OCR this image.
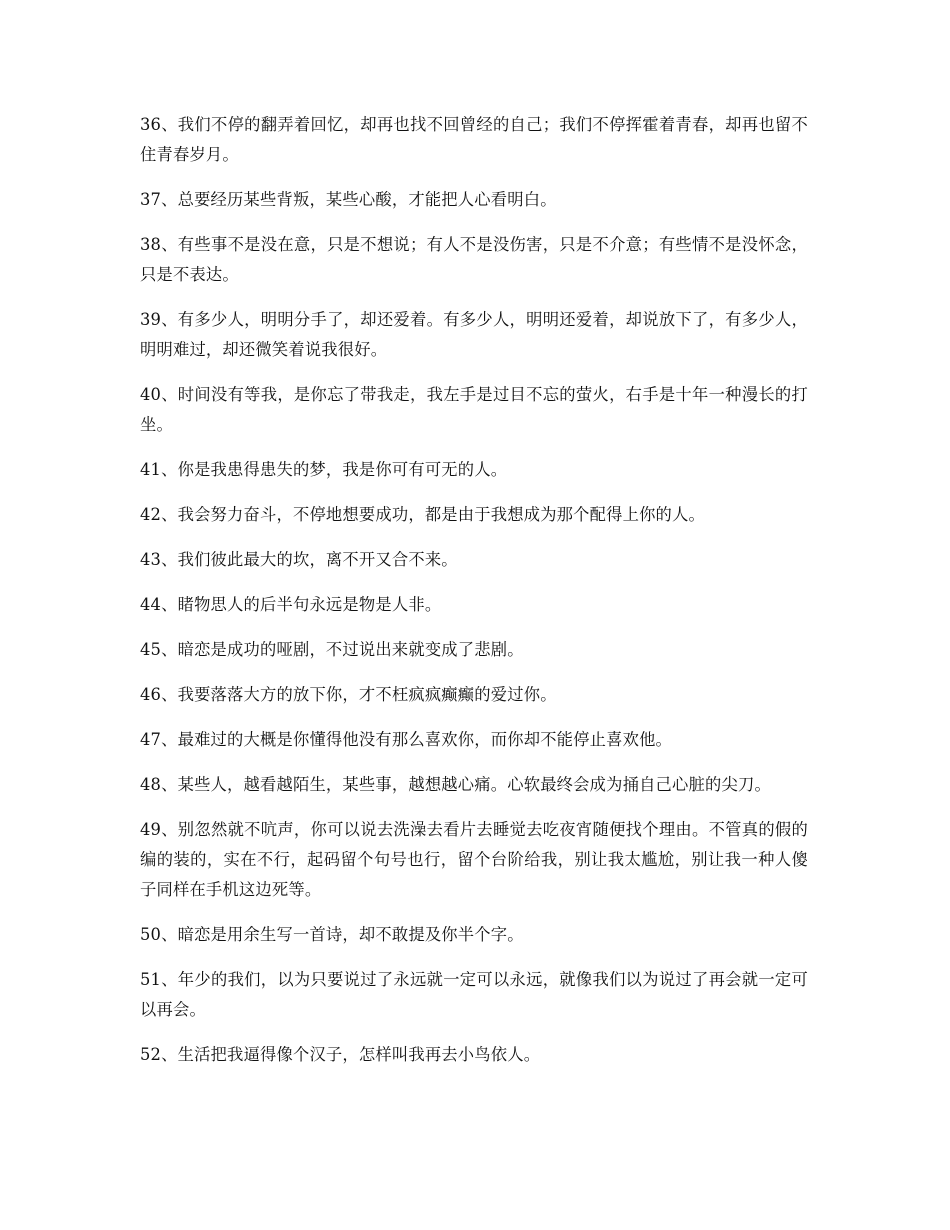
36、我们不停的翻弄着回忆，却再也找不回曾经的自己；我们不停挥霍着青春，却再也留不住青春岁月。

37、总要经历某些背叛，某些心酸，才能把人心看明白。

38、有些事不是没在意，只是不想说；有人不是没伤害，只是不介意；有些情不是没怀念，只是不表达。

39、有多少人，明明分手了，却还爱着。有多少人，明明还爱着，却说放下了，有多少人，明明难过，却还微笑着说我很好。

40、时间没有等我，是你忘了带我走，我左手是过目不忘的萤火，右手是十年一种漫长的打坐。

41、你是我患得患失的梦，我是你可有可无的人。

42、我会努力奋斗，不停地想要成功，都是由于我想成为那个配得上你的人。

43、我们彼此最大的坎，离不开又合不来。

44、睹物思人的后半句永远是物是人非。

45、暗恋是成功的哑剧，不过说出来就变成了悲剧。

46、我要落落大方的放下你，才不枉疯疯癫癫的爱过你。

47、最难过的大概是你懂得他没有那么喜欢你，而你却不能停止喜欢他。

48、某些人，越看越陌生，某些事，越想越心痛。心软最终会成为捅自己心脏的尖刀。

49、别忽然就不吭声，你可以说去洗澡去看片去睡觉去吃夜宵随便找个理由。不管真的假的编的装的，实在不行，起码留个句号也行，留个台阶给我，别让我太尴尬，别让我一种人傻子同样在手机这边死等。

50、暗恋是用余生写一首诗，却不敢提及你半个字。

51、年少的我们，以为只要说过了永远就一定可以永远，就像我们以为说过了再会就一定可以再会。

52、生活把我逼得像个汉子，怎样叫我再去小鸟依人。
